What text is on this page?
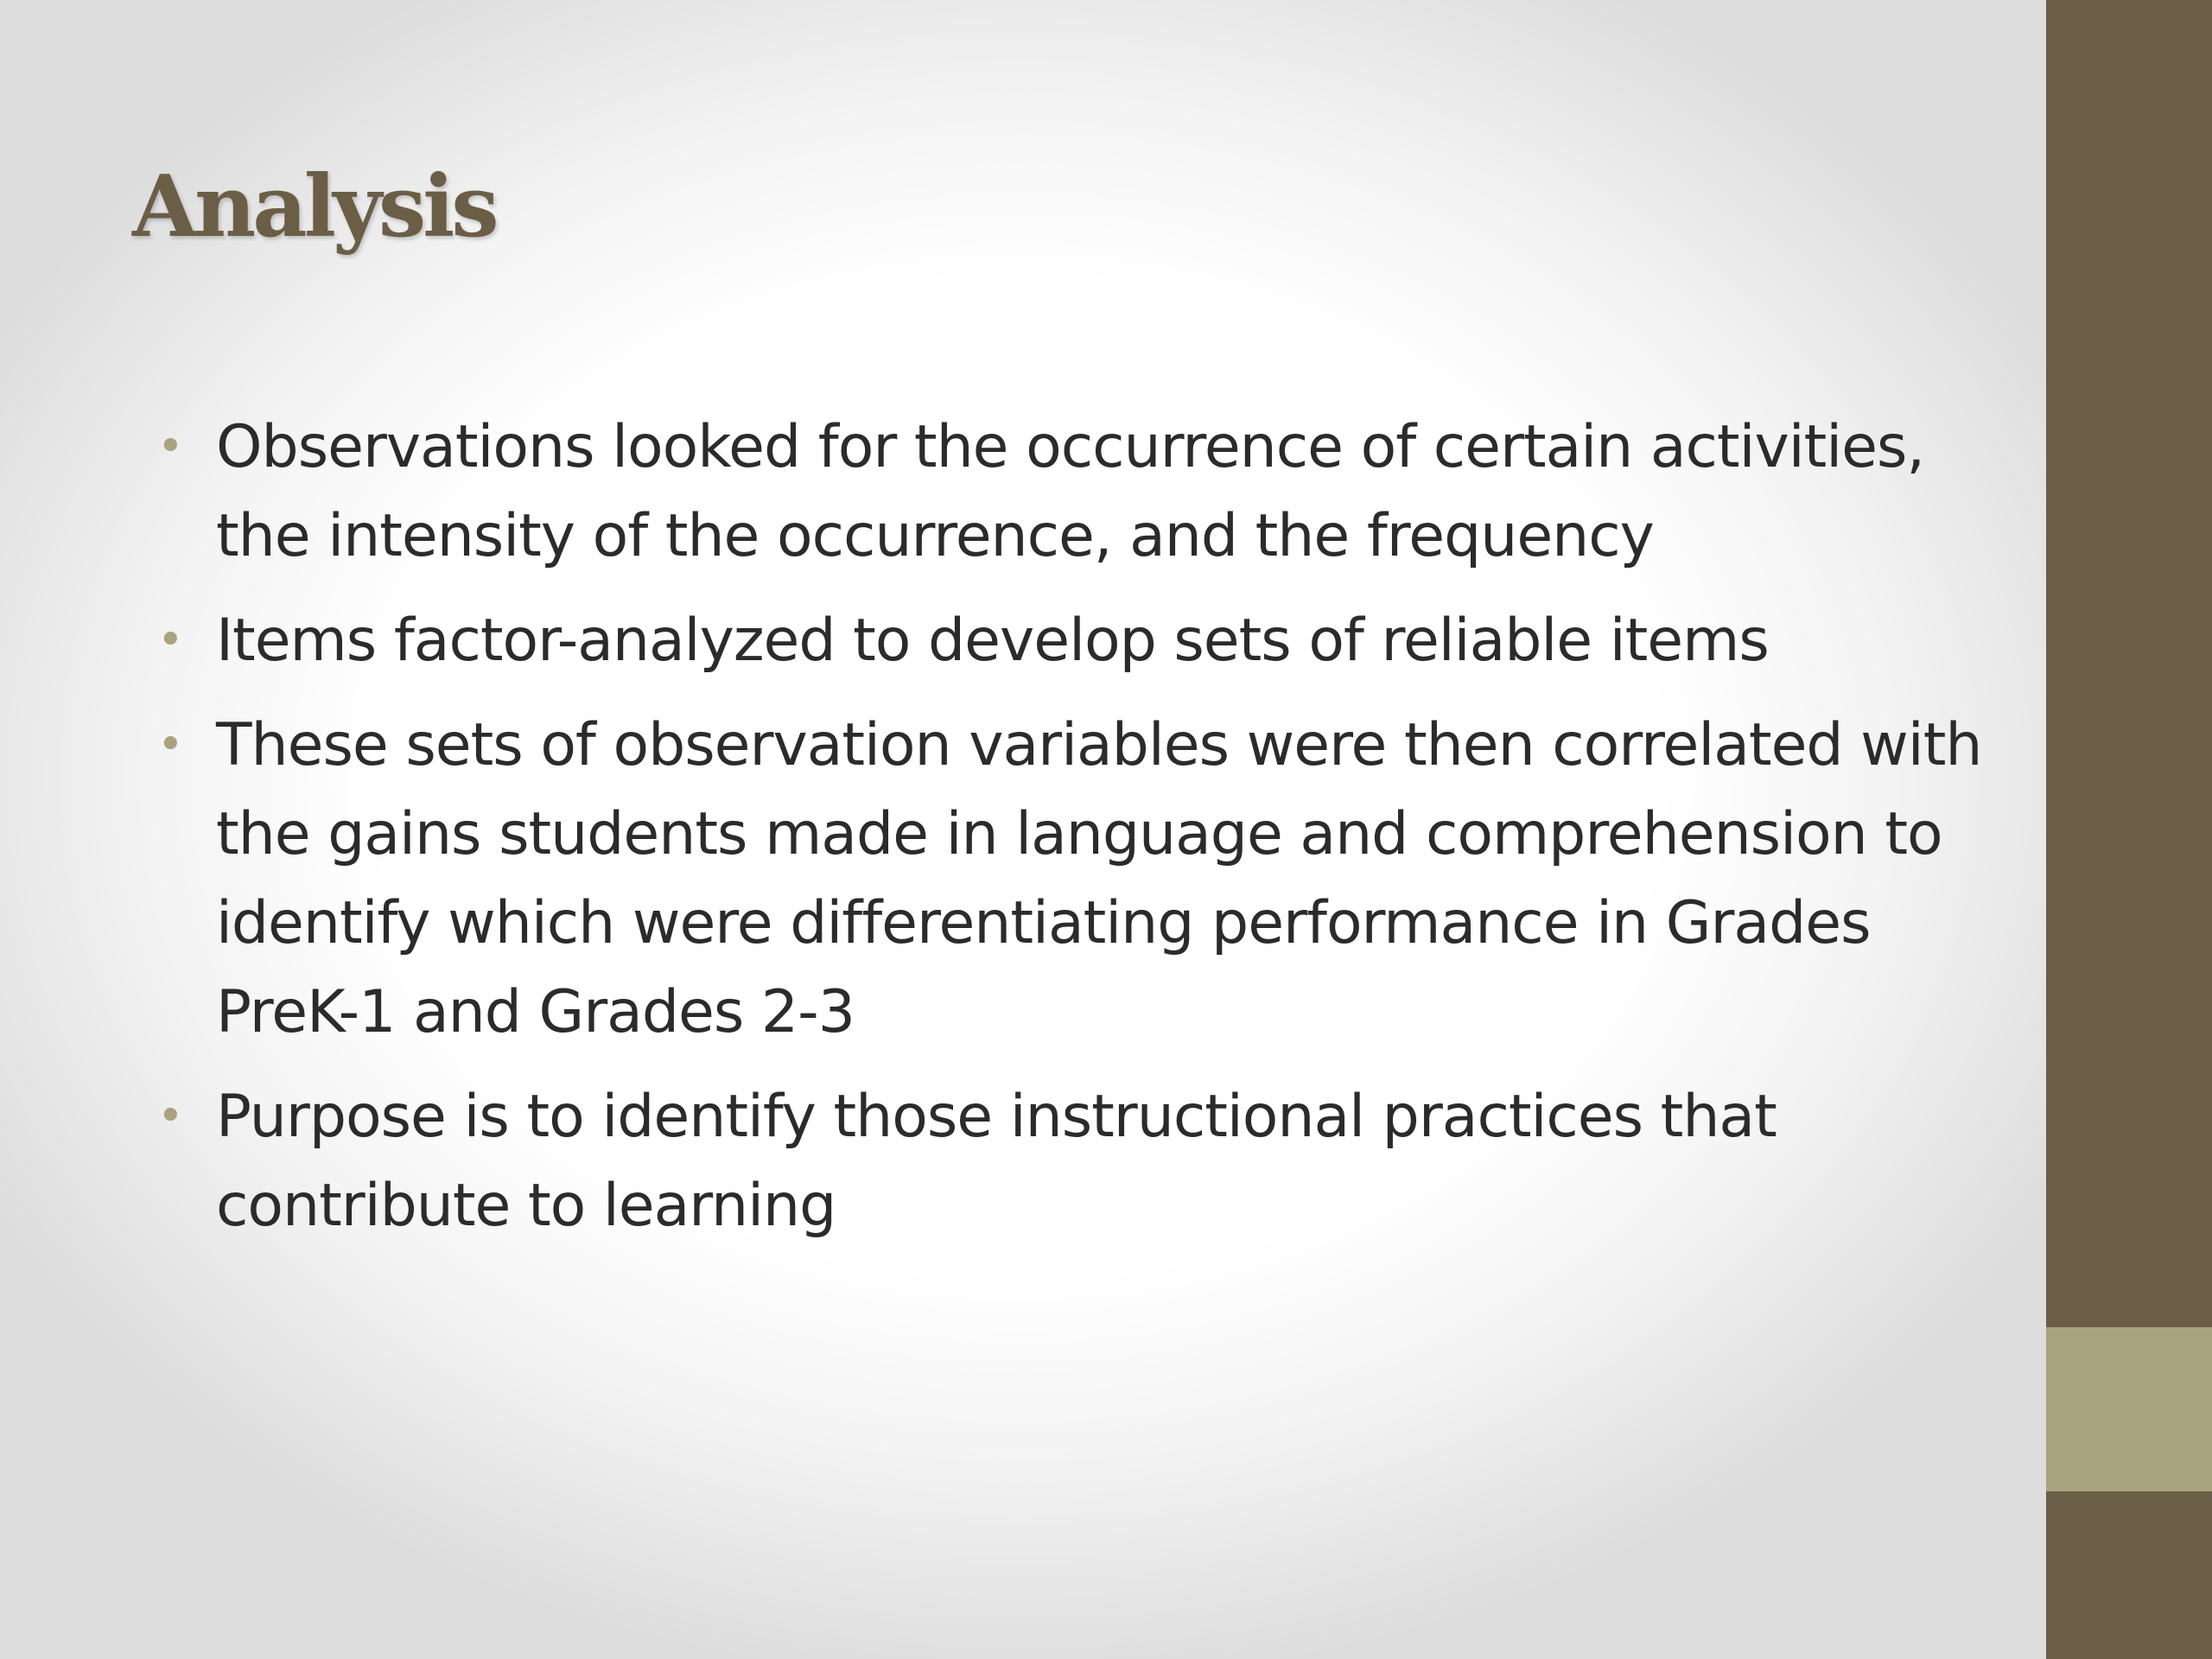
Analysis
• Observations looked for the occurrence of certain activities, the intensity of the occurrence, and the frequency
• Items factor-analyzed to develop sets of reliable items
• These sets of observation variables were then correlated with the gains students made in language and comprehension to identify which were differentiating performance in Grades PreK-1 and Grades 2-3
• Purpose is to identify those instructional practices that contribute to learning
